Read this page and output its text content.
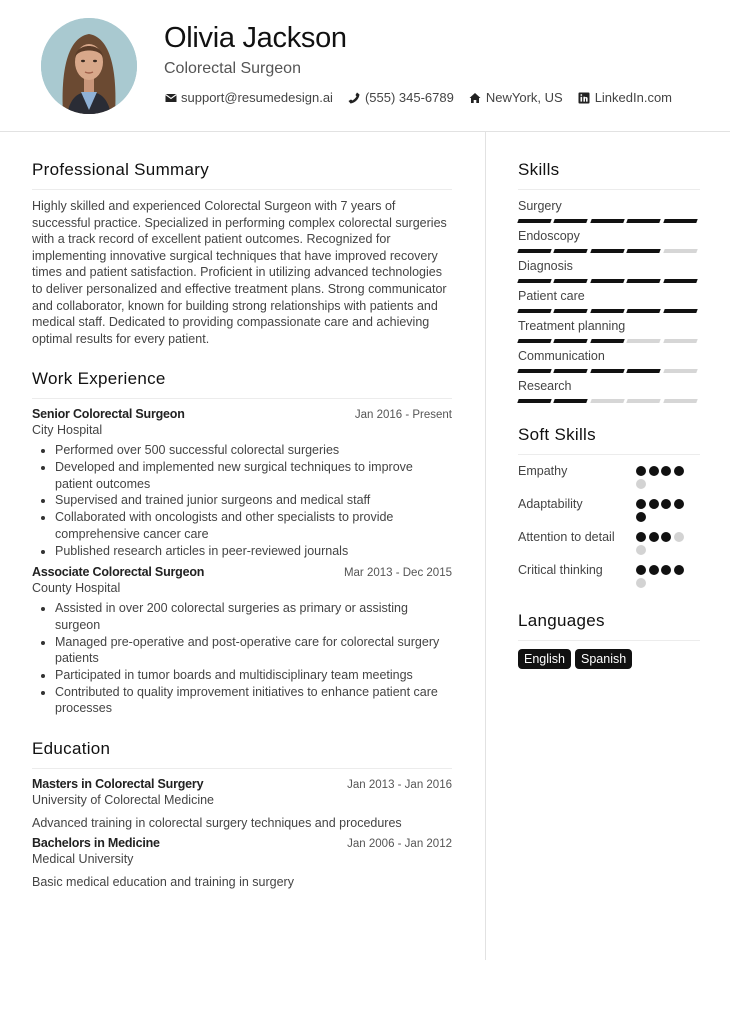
Olivia Jackson
Colorectal Surgeon
support@resumedesign.ai (555) 345-6789 NewYork, US LinkedIn.com
Professional Summary

Highly skilled and experienced Colorectal Surgeon with 7 years of successful practice. Specialized in performing complex colorectal surgeries with a track record of excellent patient outcomes. Recognized for implementing innovative surgical techniques that have improved recovery times and patient satisfaction. Proficient in utilizing advanced technologies to deliver personalized and effective treatment plans. Strong communicator and collaborator, known for building strong relationships with patients and medical staff. Dedicated to providing compassionate care and achieving optimal results for every patient.

Work Experience
Senior Colorectal Surgeon	Jan 2016 - Present
City Hospital
Performed over 500 successful colorectal surgeries
Developed and implemented new surgical techniques to improve patient outcomes
Supervised and trained junior surgeons and medical staff
Collaborated with oncologists and other specialists to provide comprehensive cancer care
Published research articles in peer-reviewed journals
Associate Colorectal Surgeon	Mar 2013 - Dec 2015
County Hospital
Assisted in over 200 colorectal surgeries as primary or assisting surgeon
Managed pre-operative and post-operative care for colorectal surgery patients
Participated in tumor boards and multidisciplinary team meetings
Contributed to quality improvement initiatives to enhance patient care processes
Education
Masters in Colorectal Surgery	Jan 2013 - Jan 2016
University of Colorectal Medicine
Advanced training in colorectal surgery techniques and procedures
Bachelors in Medicine	Jan 2006 - Jan 2012
Medical University
Basic medical education and training in surgery
Skills
Surgery
Endoscopy
Diagnosis
Patient care
Treatment planning
Communication
Research
Soft Skills
Empathy
Adaptability
Attention to detail
Critical thinking
Languages
English	Spanish
